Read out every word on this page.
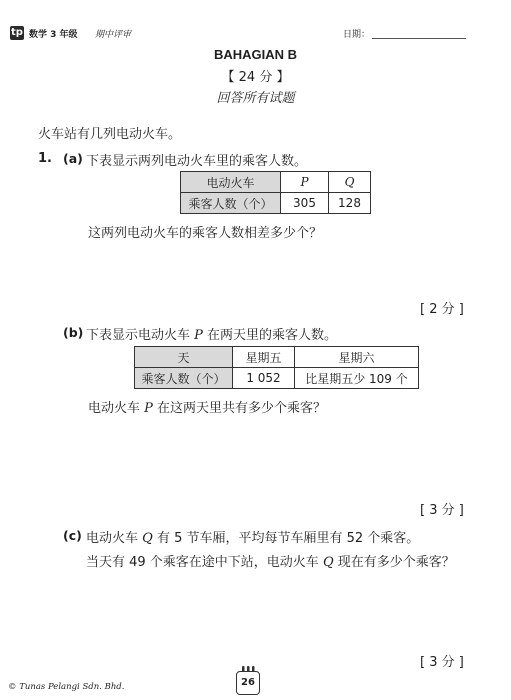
tp 数学 3 年级 期中评审	日期：
BAHAGIAN B
【 24 分 】
回答所有试题
火车站有几列电动火车。
1. (a) 下表显示两列电动火车里的乘客人数。
电动火车	P	Q
乘客人数（个）	305	128
这两列电动火车的乘客人数相差多少个？
[ 2 分 ]
(b) 下表显示电动火车 P 在两天里的乘客人数。
天	星期五	星期六
乘客人数（个）	1 052	比星期五少 109 个
电动火车 P 在这两天里共有多少个乘客？
[ 3 分 ]
(c) 电动火车 Q 有 5 节车厢，平均每节车厢里有 52 个乘客。
当天有 49 个乘客在途中下站，电动火车 Q 现在有多少个乘客？
[ 3 分 ]
© Tunas Pelangi Sdn. Bhd.	26
